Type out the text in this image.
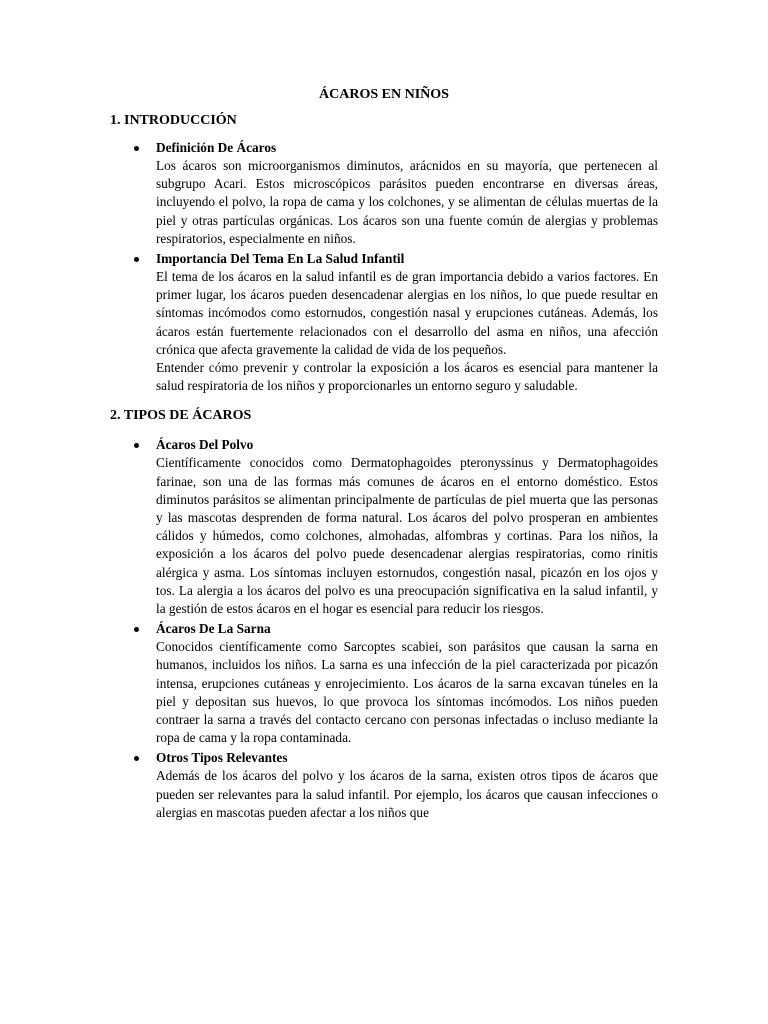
ÁCAROS EN NIÑOS
1. INTRODUCCIÓN
Definición De Ácaros

Los ácaros son microorganismos diminutos, arácnidos en su mayoría, que pertenecen al subgrupo Acari. Estos microscópicos parásitos pueden encontrarse en diversas áreas, incluyendo el polvo, la ropa de cama y los colchones, y se alimentan de células muertas de la piel y otras partículas orgánicas. Los ácaros son una fuente común de alergias y problemas respiratorios, especialmente en niños.

Importancia Del Tema En La Salud Infantil

El tema de los ácaros en la salud infantil es de gran importancia debido a varios factores. En primer lugar, los ácaros pueden desencadenar alergias en los niños, lo que puede resultar en síntomas incómodos como estornudos, congestión nasal y erupciones cutáneas. Además, los ácaros están fuertemente relacionados con el desarrollo del asma en niños, una afección crónica que afecta gravemente la calidad de vida de los pequeños.

Entender cómo prevenir y controlar la exposición a los ácaros es esencial para mantener la salud respiratoria de los niños y proporcionarles un entorno seguro y saludable.

2. TIPOS DE ÁCAROS
Ácaros Del Polvo

Científicamente conocidos como Dermatophagoides pteronyssinus y Dermatophagoides farinae, son una de las formas más comunes de ácaros en el entorno doméstico. Estos diminutos parásitos se alimentan principalmente de partículas de piel muerta que las personas y las mascotas desprenden de forma natural. Los ácaros del polvo prosperan en ambientes cálidos y húmedos, como colchones, almohadas, alfombras y cortinas. Para los niños, la exposición a los ácaros del polvo puede desencadenar alergias respiratorias, como rinitis alérgica y asma. Los síntomas incluyen estornudos, congestión nasal, picazón en los ojos y tos. La alergia a los ácaros del polvo es una preocupación significativa en la salud infantil, y la gestión de estos ácaros en el hogar es esencial para reducir los riesgos.

Ácaros De La Sarna

Conocidos científicamente como Sarcoptes scabiei, son parásitos que causan la sarna en humanos, incluidos los niños. La sarna es una infección de la piel caracterizada por picazón intensa, erupciones cutáneas y enrojecimiento. Los ácaros de la sarna excavan túneles en la piel y depositan sus huevos, lo que provoca los síntomas incómodos. Los niños pueden contraer la sarna a través del contacto cercano con personas infectadas o incluso mediante la ropa de cama y la ropa contaminada.

Otros Tipos Relevantes

Además de los ácaros del polvo y los ácaros de la sarna, existen otros tipos de ácaros que pueden ser relevantes para la salud infantil. Por ejemplo, los ácaros que causan infecciones o alergias en mascotas pueden afectar a los niños que
